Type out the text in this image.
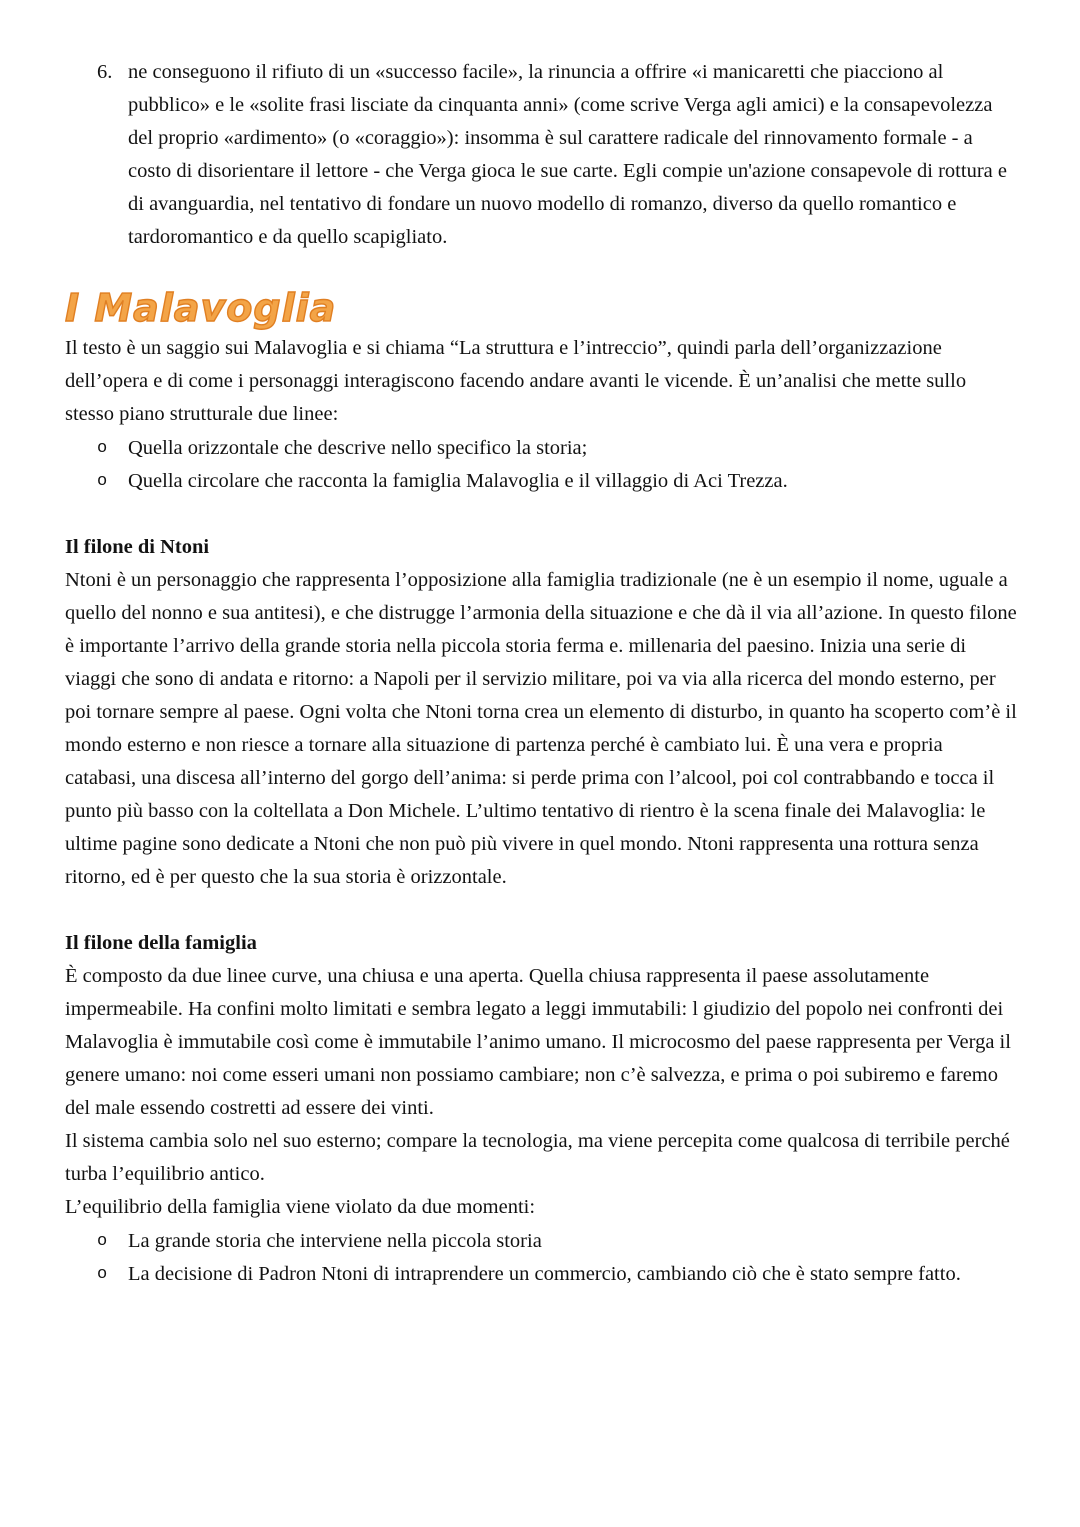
6. ne conseguono il rifiuto di un «successo facile», la rinuncia a offrire «i manicaretti che piacciono al pubblico» e le «solite frasi lisciate da cinquanta anni» (come scrive Verga agli amici) e la consapevolezza del proprio «ardimento» (o «coraggio»): insomma è sul carattere radicale del rinnovamento formale - a costo di disorientare il lettore - che Verga gioca le sue carte. Egli compie un'azione consapevole di rottura e di avanguardia, nel tentativo di fondare un nuovo modello di romanzo, diverso da quello romantico e tardoromantico e da quello scapigliato.
I Malavoglia

Il testo è un saggio sui Malavoglia e si chiama “La struttura e l’intreccio”, quindi parla dell’organizzazione dell’opera e di come i personaggi interagiscono facendo andare avanti le vicende. È un’analisi che mette sullo stesso piano strutturale due linee:

o	Quella orizzontale che descrive nello specifico la storia;
o	Quella circolare che racconta la famiglia Malavoglia e il villaggio di Aci Trezza.
Il filone di Ntoni

Ntoni è un personaggio che rappresenta l’opposizione alla famiglia tradizionale (ne è un esempio il nome, uguale a quello del nonno e sua antitesi), e che distrugge l’armonia della situazione e che dà il via all’azione. In questo filone è importante l’arrivo della grande storia nella piccola storia ferma e. millenaria del paesino. Inizia una serie di viaggi che sono di andata e ritorno: a Napoli per il servizio militare, poi va via alla ricerca del mondo esterno, per poi tornare sempre al paese. Ogni volta che Ntoni torna crea un elemento di disturbo, in quanto ha scoperto com’è il mondo esterno e non riesce a tornare alla situazione di partenza perché è cambiato lui. È una vera e propria catabasi, una discesa all’interno del gorgo dell’anima: si perde prima con l’alcool, poi col contrabbando e tocca il punto più basso con la coltellata a Don Michele. L’ultimo tentativo di rientro è la scena finale dei Malavoglia: le ultime pagine sono dedicate a Ntoni che non può più vivere in quel mondo. Ntoni rappresenta una rottura senza ritorno, ed è per questo che la sua storia è orizzontale.

Il filone della famiglia

È composto da due linee curve, una chiusa e una aperta. Quella chiusa rappresenta il paese assolutamente impermeabile. Ha confini molto limitati e sembra legato a leggi immutabili: l giudizio del popolo nei confronti dei Malavoglia è immutabile così come è immutabile l’animo umano. Il microcosmo del paese rappresenta per Verga il genere umano: noi come esseri umani non possiamo cambiare; non c’è salvezza, e prima o poi subiremo e faremo del male essendo costretti ad essere dei vinti.

Il sistema cambia solo nel suo esterno; compare la tecnologia, ma viene percepita come qualcosa di terribile perché turba l’equilibrio antico.

L’equilibrio della famiglia viene violato da due momenti:

o	La grande storia che interviene nella piccola storia
o	La decisione di Padron Ntoni di intraprendere un commercio, cambiando ciò che è stato sempre fatto.
